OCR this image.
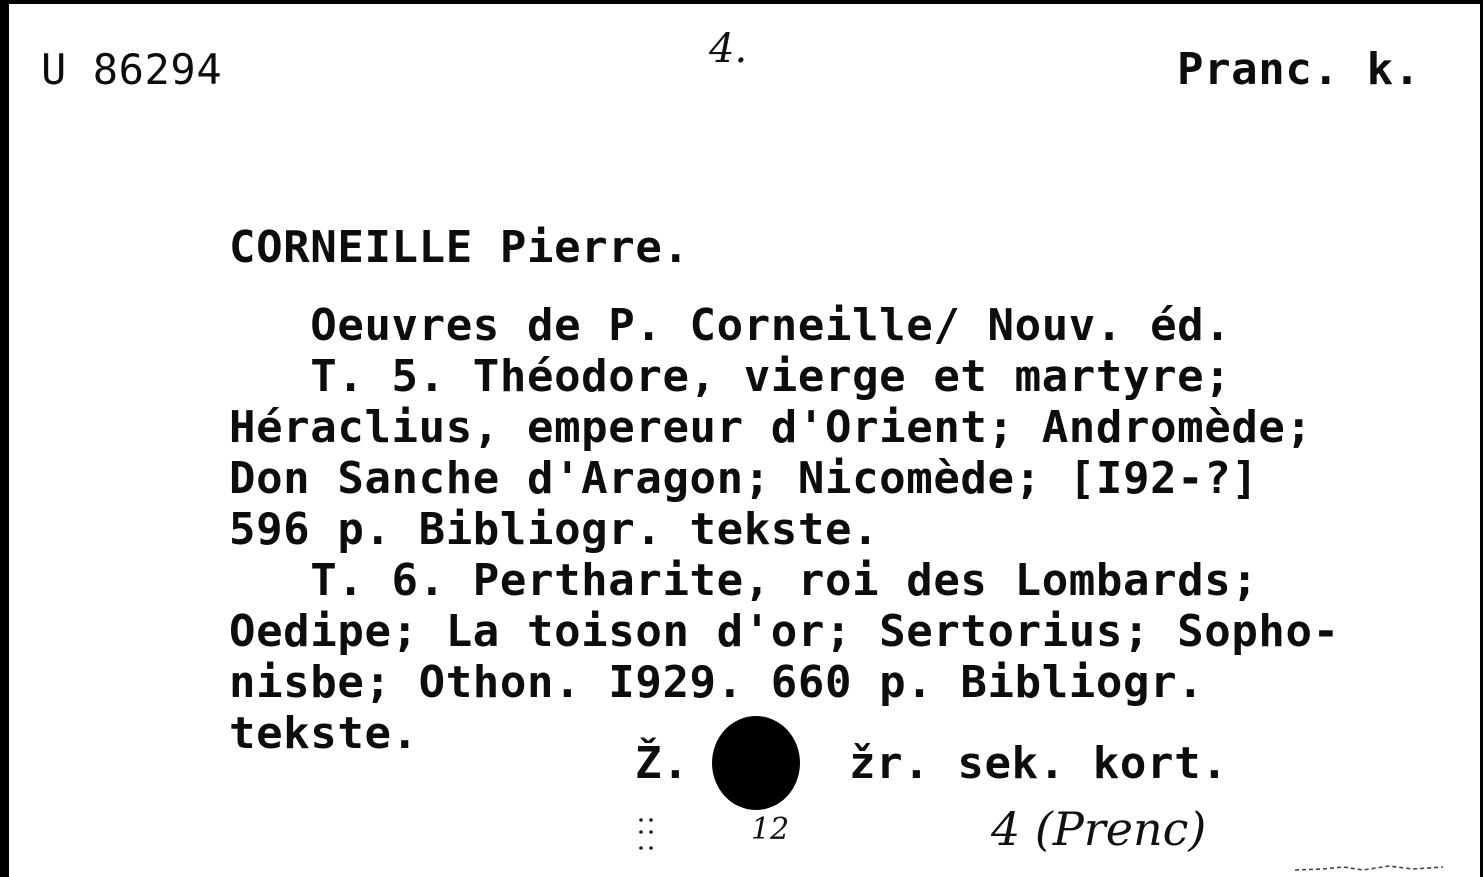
U 86294	4.	Pranc. k.
CORNEILLE Pierre.
Oeuvres de P. Corneille/ Nouv. éd.
T. 5. Théodore, vierge et martyre;
Héraclius, empereur d'Orient; Andromède;
Don Sanche d'Aragon; Nicomède; [I92-?]
596 p. Bibliogr. tekste.
T. 6. Pertharite, roi des Lombards;
Oedipe; La toison d'or; Sertorius; Sopho-
nisbe; Othon. I929. 660 p. Bibliogr.
tekste.
Ž.	žr. sek. kort.
12	4 (Prenc)
